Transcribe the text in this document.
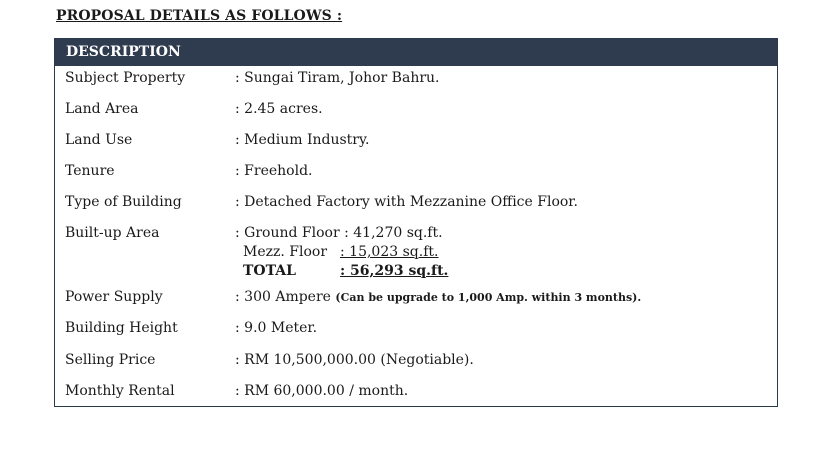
PROPOSAL DETAILS AS FOLLOWS :
DESCRIPTION
Subject Property	: Sungai Tiram, Johor Bahru.
Land Area	: 2.45 acres.
Land Use	: Medium Industry.
Tenure	: Freehold.
Type of Building	: Detached Factory with Mezzanine Office Floor.
Built-up Area	: Ground Floor : 41,270 sq.ft.
Mezz. Floor : 15,023 sq.ft.
TOTAL	: 56,293 sq.ft.
Power Supply	: 300 Ampere (Can be upgrade to 1,000 Amp. within 3 months).
Building Height	: 9.0 Meter.
Selling Price	: RM 10,500,000.00 (Negotiable).
Monthly Rental	: RM 60,000.00 / month.
